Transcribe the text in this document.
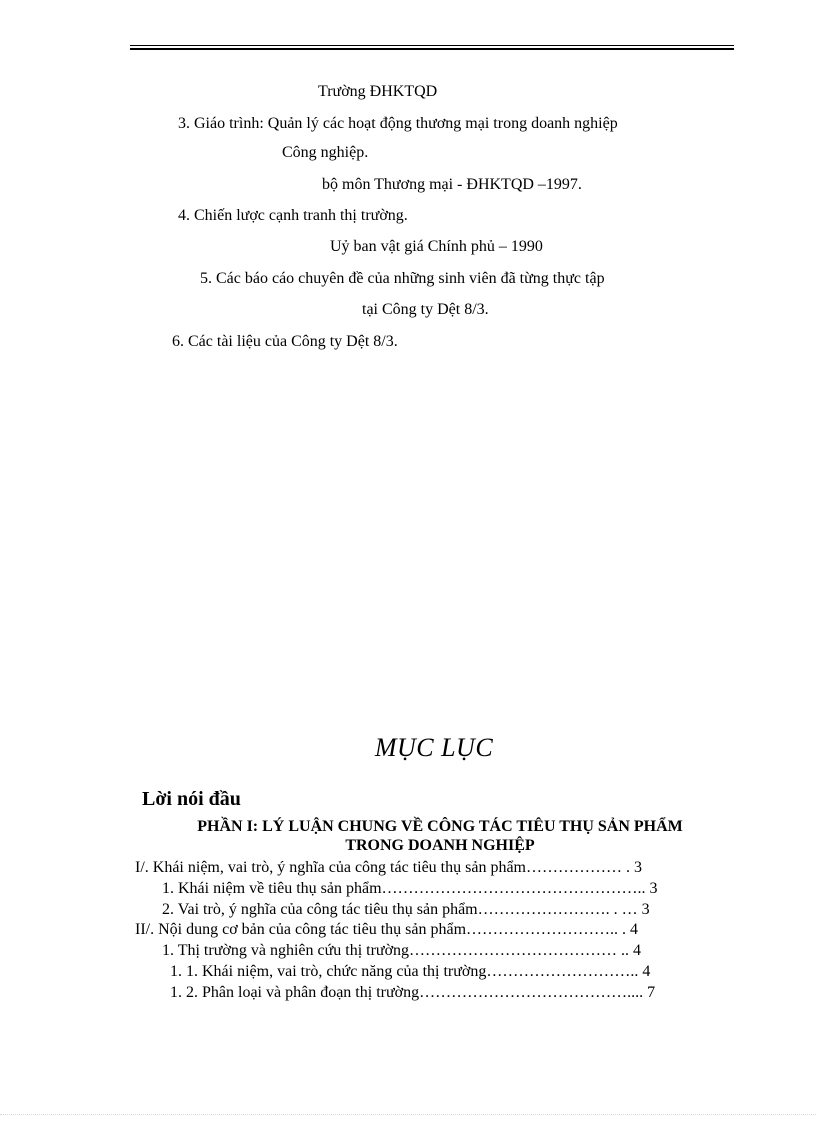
Trường ĐHKTQD
3. Giáo trình: Quản lý các hoạt động thương mại trong doanh nghiệp
Công nghiệp.
bộ môn Thương mại - ĐHKTQD –1997.
4. Chiến lược cạnh tranh thị trường.
Uỷ ban vật giá Chính phủ – 1990
5. Các báo cáo chuyên đề của những sinh viên đã từng thực tập
tại Công ty Dệt 8/3.
6. Các tài liệu của Công ty Dệt 8/3.
MỤC LỤC
Lời nói đầu
PHẦN I: LÝ LUẬN CHUNG VỀ CÔNG TÁC TIÊU THỤ SẢN PHẨM
TRONG DOANH NGHIỆP
I/. Khái niệm, vai trò, ý nghĩa của công tác tiêu thụ sản phẩm……………… . 3
1. Khái niệm về tiêu thụ sản phẩm………………………………………….. 3
2. Vai trò, ý nghĩa của công tác tiêu thụ sản phẩm……………………. . … 3
II/. Nội dung cơ bản của công tác tiêu thụ sản phẩm……………………….. . 4
1. Thị trường và nghiên cứu thị trường………………………………… .. 4
1. 1. Khái niệm, vai trò, chức năng của thị trường……………………….. 4
1. 2. Phân loại và phân đoạn thị trường………………………………….... 7
